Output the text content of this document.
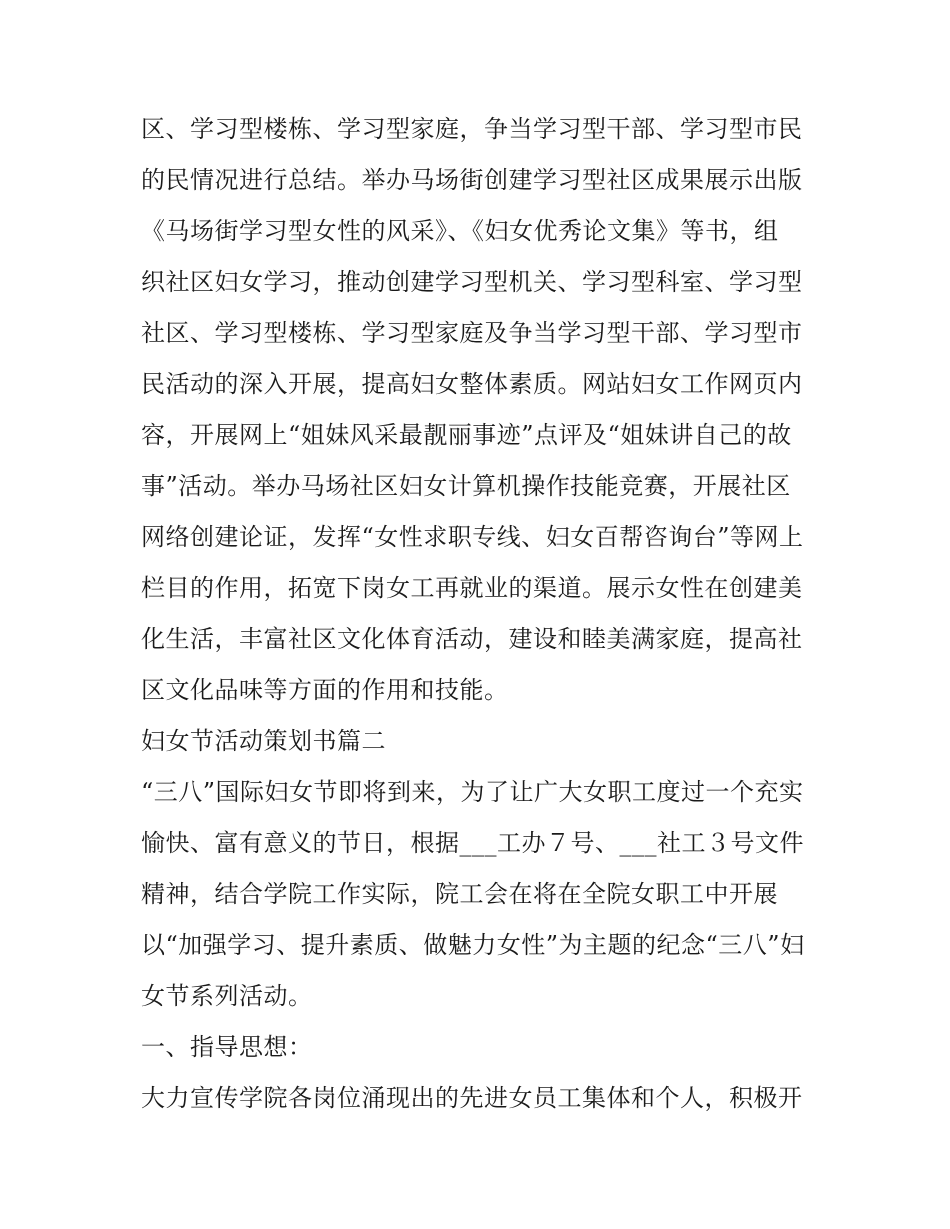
区、学习型楼栋、学习型家庭，争当学习型干部、学习型市民
的民情况进行总结。举办马场街创建学习型社区成果展示出版
《马场街学习型女性的风采》、《妇女优秀论文集》等书，组
织社区妇女学习，推动创建学习型机关、学习型科室、学习型
社区、学习型楼栋、学习型家庭及争当学习型干部、学习型市
民活动的深入开展，提高妇女整体素质。网站妇女工作网页内
容，开展网上“姐妹风采最靓丽事迹”点评及“姐妹讲自己的故
事”活动。举办马场社区妇女计算机操作技能竞赛，开展社区
网络创建论证，发挥“女性求职专线、妇女百帮咨询台”等网上
栏目的作用，拓宽下岗女工再就业的渠道。展示女性在创建美
化生活，丰富社区文化体育活动，建设和睦美满家庭，提高社
区文化品味等方面的作用和技能。
妇女节活动策划书篇二
“三八”国际妇女节即将到来，为了让广大女职工度过一个充实
愉快、富有意义的节日，根据___工办７号、___社工３号文件
精神，结合学院工作实际，院工会在将在全院女职工中开展
以“加强学习、提升素质、做魅力女性”为主题的纪念“三八”妇
女节系列活动。
一、指导思想：
大力宣传学院各岗位涌现出的先进女员工集体和个人，积极开
